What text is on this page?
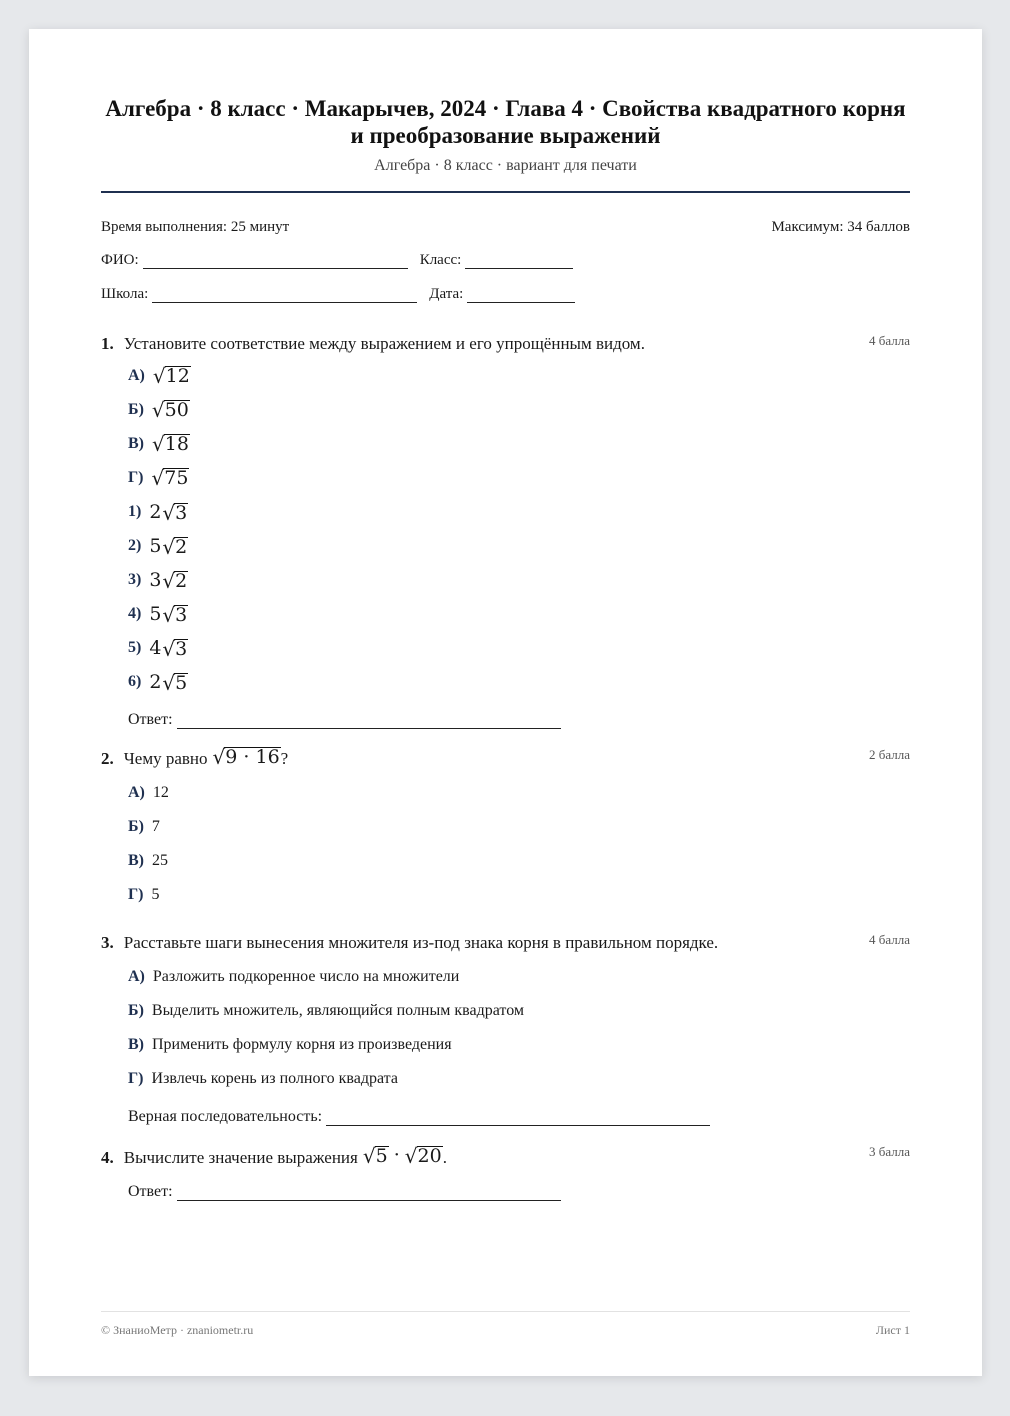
Алгебра · 8 класс · Макарычев, 2024 · Глава 4 · Свойства квадратного корня и преобразование выражений
Алгебра · 8 класс · вариант для печати
Время выполнения: 25 минут	Максимум: 34 баллов
ФИО:	Класс:
Школа:	Дата:
1. Установите соответствие между выражением и его упрощённым видом.	4 балла
А) √ 12
Б) √ 50
В) √ 18
Г) √ 75
1) 2 √ 3
2) 5 √ 2
3) 3 √ 2
4) 5 √ 3
5) 4 √ 3
6) 2 √ 5
Ответ:
2. Чему равно √ 9 · 16 ?	2 балла
А) 12
Б) 7
В) 25
Г) 5
3. Расставьте шаги вынесения множителя из-под знака корня в правильном порядке.	4 балла
А) Разложить подкоренное число на множители
Б) Выделить множитель, являющийся полным квадратом
В) Применить формулу корня из произведения
Г) Извлечь корень из полного квадрата
Верная последовательность:
4. Вычислите значение выражения √ 5 · √ 20 .	3 балла
Ответ:
© ЗнаниоМетр · znaniometr.ru	Лист 1
